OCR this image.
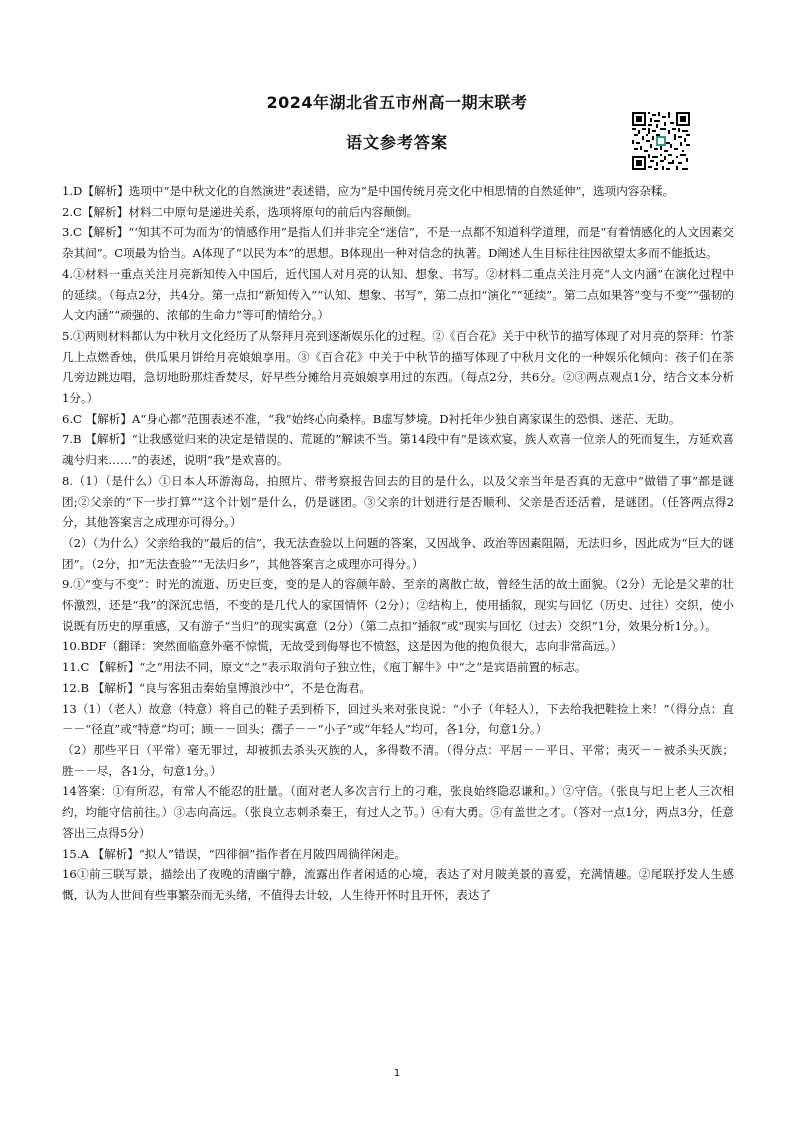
2024年湖北省五市州高一期末联考
语文参考答案

1.D【解析】选项中“是中秋文化的自然演进”表述错，应为“是中国传统月亮文化中相思情的自然延伸”，选项内容杂糅。

2.C【解析】材料二中原句是递进关系，选项将原句的前后内容颠倒。

3.C【解析】“‘知其不可为而为’的情感作用”是指人们并非完全“迷信”，不是一点都不知道科学道理，而是“有着情感化的人文因素交杂其间”。C项最为恰当。A体现了“以民为本”的思想。B体现出一种对信念的执著。D阐述人生目标往往因欲望太多而不能抵达。

4.①材料一重点关注月亮新知传入中国后，近代国人对月亮的认知、想象、书写。②材料二重点关注月亮“人文内涵”在演化过程中的延续。（每点2分，共4分。第一点扣“新知传入”“认知、想象、书写”，第二点扣“演化”“延续”。第二点如果答“变与不变”“强韧的人文内涵”“顽强的、浓郁的生命力”等可酌情给分。）

5.①两则材料都认为中秋月文化经历了从祭拜月亮到逐渐娱乐化的过程。②《百合花》关于中秋节的描写体现了对月亮的祭拜：竹茶几上点燃香烛，供瓜果月饼给月亮娘娘享用。③《百合花》中关于中秋节的描写体现了中秋月文化的一种娱乐化倾向：孩子们在茶几旁边跳边唱，急切地盼那炷香焚尽，好早些分摊给月亮娘娘享用过的东西。（每点2分，共6分。②③两点观点1分，结合文本分析1分。）

6.C 【解析】A“身心都”范围表述不准，“我”始终心向桑梓。B虚写梦境。D衬托年少独自离家谋生的恐惧、迷茫、无助。

7.B 【解析】“让我感觉归来的决定是错误的、荒诞的”解读不当。第14段中有“是该欢宴，族人欢喜一位亲人的死而复生，方延欢喜魂兮归来……”的表述，说明“我”是欢喜的。

8.（1）（是什么）①日本人环游海岛，拍照片、带考察报告回去的目的是什么，以及父亲当年是否真的无意中“做错了事”都是谜团;②父亲的“下一步打算”“这个计划”是什么，仍是谜团。③父亲的计划进行是否顺利、父亲是否还活着，是谜团。（任答两点得2分，其他答案言之成理亦可得分。）

（2）（为什么）父亲给我的“最后的信”，我无法查验以上问题的答案，又因战争、政治等因素阻隔，无法归乡，因此成为“巨大的谜团”。（2分，扣“无法查验”“无法归乡”，其他答案言之成理亦可得分。）

9.①“变与不变”：时光的流逝、历史巨变，变的是人的容颜年龄、至亲的离散亡故，曾经生活的故土面貌。（2分）无论是父辈的壮怀激烈，还是“我”的深沉忠悟，不变的是几代人的家国情怀（2分）；②结构上，使用插叙，现实与回忆（历史、过往）交织，使小说既有历史的厚重感，又有游子“当归”的现实寓意（2分）（第二点扣“插叙”或“现实与回忆（过去）交织”1分，效果分析1分。）。

10.BDF（翻译：突然面临意外毫不惊慌，无故受到侮辱也不愤怒，这是因为他的抱负很大，志向非常高远。）

11.C 【解析】“之”用法不同，原文“之”表示取消句子独立性，《庖丁解牛》中“之”是宾语前置的标志。

12.B 【解析】“良与客狙击秦始皇博浪沙中”，不是仓海君。

13（1）（老人）故意（特意）将自己的鞋子丢到桥下，回过头来对张良说：“小子（年轻人），下去给我把鞋捡上来！”（得分点：直－－“径直”或“特意”均可；顾－－回头；孺子－－“小子”或“年轻人”均可，各1分，句意1分。）

（2）那些平日（平常）毫无罪过，却被抓去杀头灭族的人，多得数不清。（得分点：平居－－平日、平常；夷灭－－被杀头灭族；胜－－尽，各1分，句意1分。）

14答案：①有所忍，有常人不能忍的肚量。（面对老人多次言行上的刁难，张良始终隐忍谦和。）②守信。（张良与圯上老人三次相约，均能守信前往。）③志向高远。（张良立志刺杀秦王，有过人之节。）④有大勇。⑤有盖世之才。（答对一点1分，两点3分，任意答出三点得5分）

15.A 【解析】“拟人”错误，“四徘徊”指作者在月陂四周徜徉闲走。

16①前三联写景，描绘出了夜晚的清幽宁静，流露出作者闲适的心境，表达了对月陂美景的喜爱，充满情趣。②尾联抒发人生感慨，认为人世间有些事繁杂而无头绪，不值得去计较，人生待开怀时且开怀，表达了

1
